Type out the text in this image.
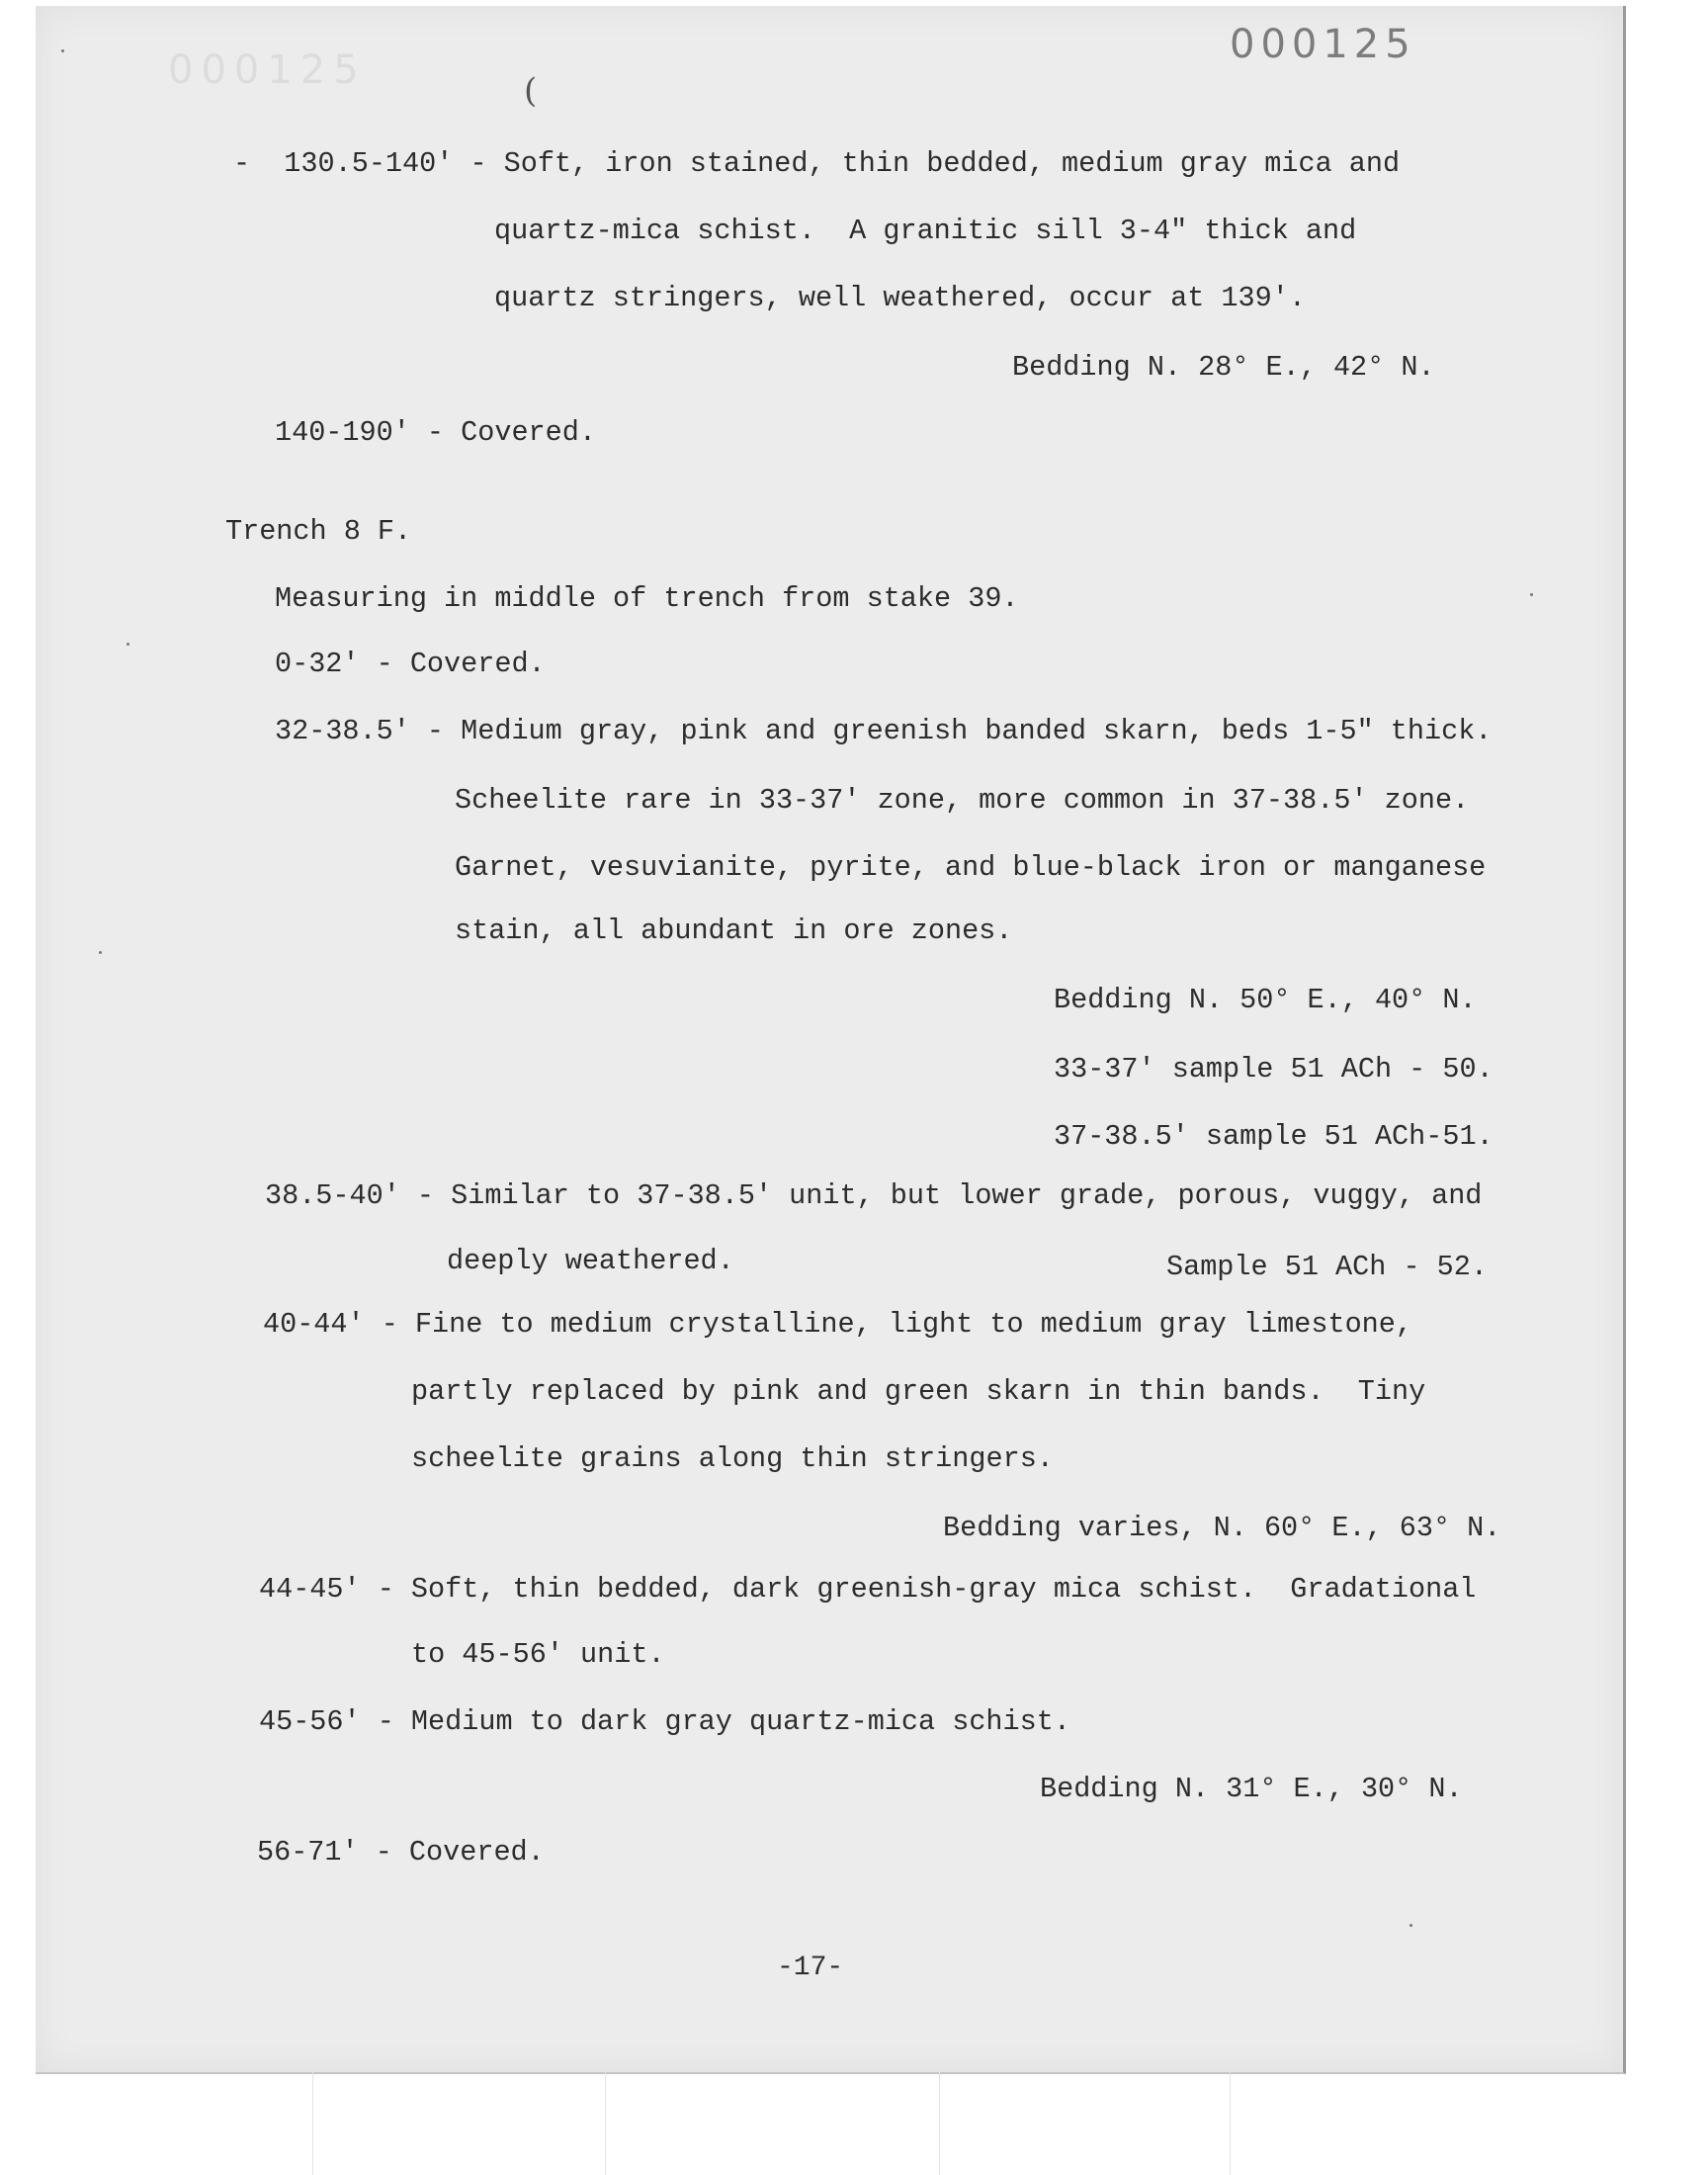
000125
000125
(
-  130.5-140' - Soft, iron stained, thin bedded, medium gray mica and
quartz-mica schist.  A granitic sill 3-4" thick and
quartz stringers, well weathered, occur at 139'.
Bedding N. 28° E., 42° N.
140-190' - Covered.
Trench 8 F.
Measuring in middle of trench from stake 39.
0-32' - Covered.
32-38.5' - Medium gray, pink and greenish banded skarn, beds 1-5" thick.
Scheelite rare in 33-37' zone, more common in 37-38.5' zone.
Garnet, vesuvianite, pyrite, and blue-black iron or manganese
stain, all abundant in ore zones.
Bedding N. 50° E., 40° N.
33-37' sample 51 ACh - 50.
37-38.5' sample 51 ACh-51.
38.5-40' - Similar to 37-38.5' unit, but lower grade, porous, vuggy, and
deeply weathered.	Sample 51 ACh - 52.
40-44' - Fine to medium crystalline, light to medium gray limestone,
partly replaced by pink and green skarn in thin bands.  Tiny
scheelite grains along thin stringers.
Bedding varies, N. 60° E., 63° N.
44-45' - Soft, thin bedded, dark greenish-gray mica schist.  Gradational
to 45-56' unit.
45-56' - Medium to dark gray quartz-mica schist.
Bedding N. 31° E., 30° N.
56-71' - Covered.
-17-
